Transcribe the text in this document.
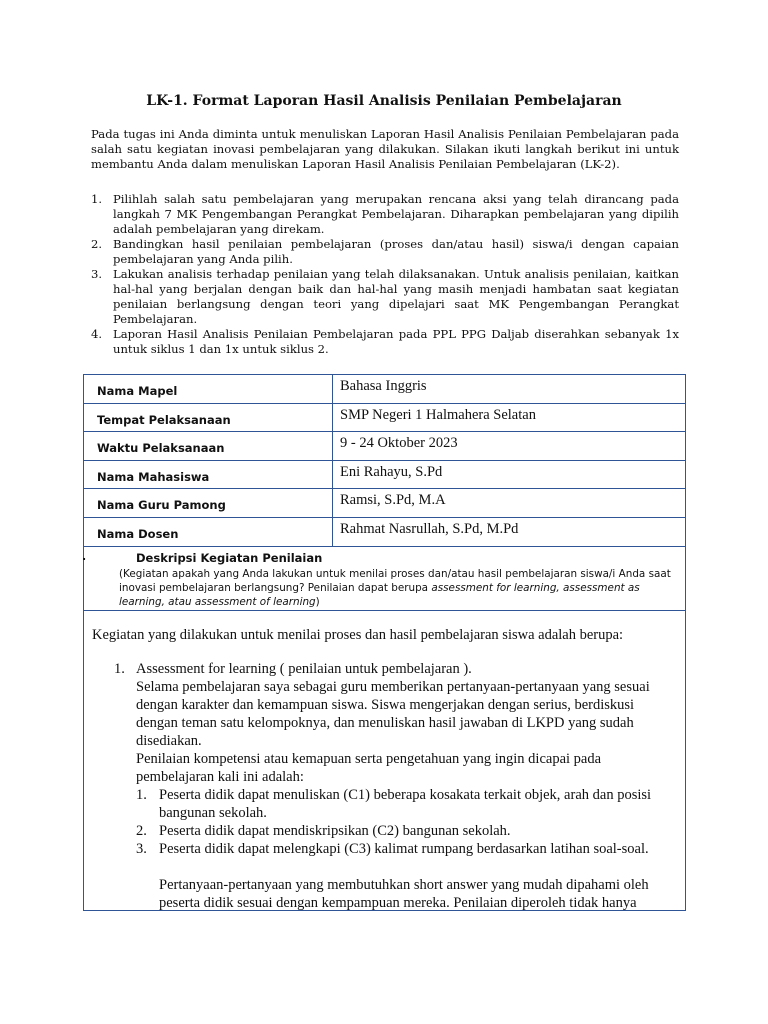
LK-1. Format Laporan Hasil Analisis Penilaian Pembelajaran

Pada tugas ini Anda diminta untuk menuliskan Laporan Hasil Analisis Penilaian Pembelajaran pada salah satu kegiatan inovasi pembelajaran yang dilakukan. Silakan ikuti langkah berikut ini untuk membantu Anda dalam menuliskan Laporan Hasil Analisis Penilaian Pembelajaran (LK-2).

1. Pilihlah salah satu pembelajaran yang merupakan rencana aksi yang telah dirancang pada langkah 7 MK Pengembangan Perangkat Pembelajaran. Diharapkan pembelajaran yang dipilih adalah pembelajaran yang direkam.
2. Bandingkan hasil penilaian pembelajaran (proses dan/atau hasil) siswa/i dengan capaian pembelajaran yang Anda pilih.
3. Lakukan analisis terhadap penilaian yang telah dilaksanakan. Untuk analisis penilaian, kaitkan hal-hal yang berjalan dengan baik dan hal-hal yang masih menjadi hambatan saat kegiatan penilaian berlangsung dengan teori yang dipelajari saat MK Pengembangan Perangkat Pembelajaran.
4. Laporan Hasil Analisis Penilaian Pembelajaran pada PPL PPG Daljab diserahkan sebanyak 1x untuk siklus 1 dan 1x untuk siklus 2.
Nama Mapel	Bahasa Inggris
Tempat Pelaksanaan	SMP Negeri 1 Halmahera Selatan
Waktu Pelaksanaan	9 - 24 Oktober 2023
Nama Mahasiswa	Eni Rahayu, S.Pd
Nama Guru Pamong	Ramsi, S.Pd, M.A
Nama Dosen	Rahmat Nasrullah, S.Pd, M.Pd
.	Deskripsi Kegiatan Penilaian
(Kegiatan apakah yang Anda lakukan untuk menilai proses dan/atau hasil pembelajaran siswa/i Anda saat inovasi pembelajaran berlangsung? Penilaian dapat berupa assessment for learning, assessment as learning, atau assessment of learning)
Kegiatan yang dilakukan untuk menilai proses dan hasil pembelajaran siswa adalah berupa:
1. Assessment for learning ( penilaian untuk pembelajaran ).
Selama pembelajaran saya sebagai guru memberikan pertanyaan-pertanyaan yang sesuai dengan karakter dan kemampuan siswa. Siswa mengerjakan dengan serius, berdiskusi dengan teman satu kelompoknya, dan menuliskan hasil jawaban di LKPD yang sudah disediakan.
Penilaian kompetensi atau kemapuan serta pengetahuan yang ingin dicapai pada pembelajaran kali ini adalah:
1. Peserta didik dapat menuliskan (C1) beberapa kosakata terkait objek, arah dan posisi bangunan sekolah.
2. Peserta didik dapat mendiskripsikan (C2) bangunan sekolah.
3. Peserta didik dapat melengkapi (C3) kalimat rumpang berdasarkan latihan soal-soal.
Pertanyaan-pertanyaan yang membutuhkan short answer yang mudah dipahami oleh peserta didik sesuai dengan kempampuan mereka. Penilaian diperoleh tidak hanya
